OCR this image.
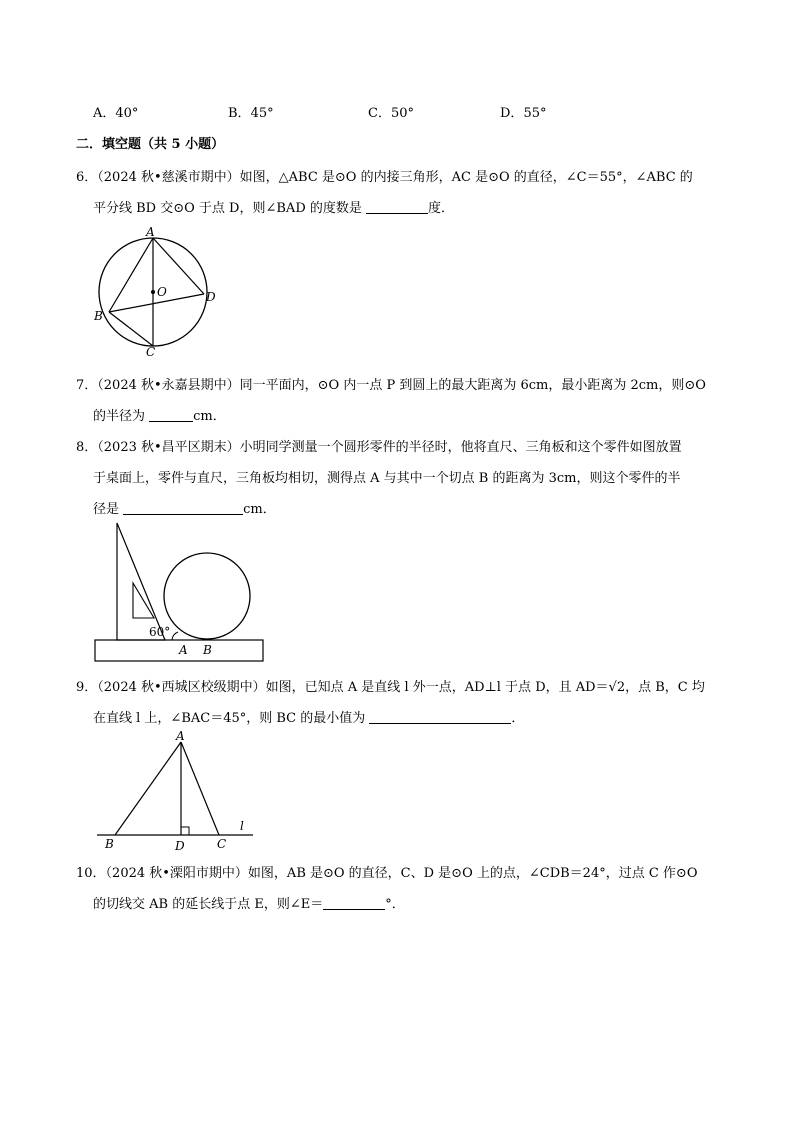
A．40°	B．45°	C．50°	D．55°
二．填空题（共 5 小题）
6．（2024 秋•慈溪市期中）如图，△ABC 是⊙O 的内接三角形，AC 是⊙O 的直径，∠C＝55°，∠ABC 的
平分线 BD 交⊙O 于点 D，则∠BAD 的度数是	度．
A
O	D
B
C
7．（2024 秋•永嘉县期中）同一平面内，⊙O 内一点 P 到圆上的最大距离为 6cm，最小距离为 2cm，则⊙O
的半径为	cm．
8．（2023 秋•昌平区期末）小明同学测量一个圆形零件的半径时，他将直尺、三角板和这个零件如图放置
于桌面上，零件与直尺，三角板均相切，测得点 A 与其中一个切点 B 的距离为 3cm，则这个零件的半
径是	cm．
60°
A B
9．（2024 秋•西城区校级期中）如图，已知点 A 是直线 l 外一点，AD⊥l 于点 D，且 AD＝√2，点 B，C 均
在直线 l 上，∠BAC＝45°，则 BC 的最小值为	．
A
B	D	C
l
10．（2024 秋•溧阳市期中）如图，AB 是⊙O 的直径，C、D 是⊙O 上的点，∠CDB＝24°，过点 C 作⊙O
的切线交 AB 的延长线于点 E，则∠E＝	°．
